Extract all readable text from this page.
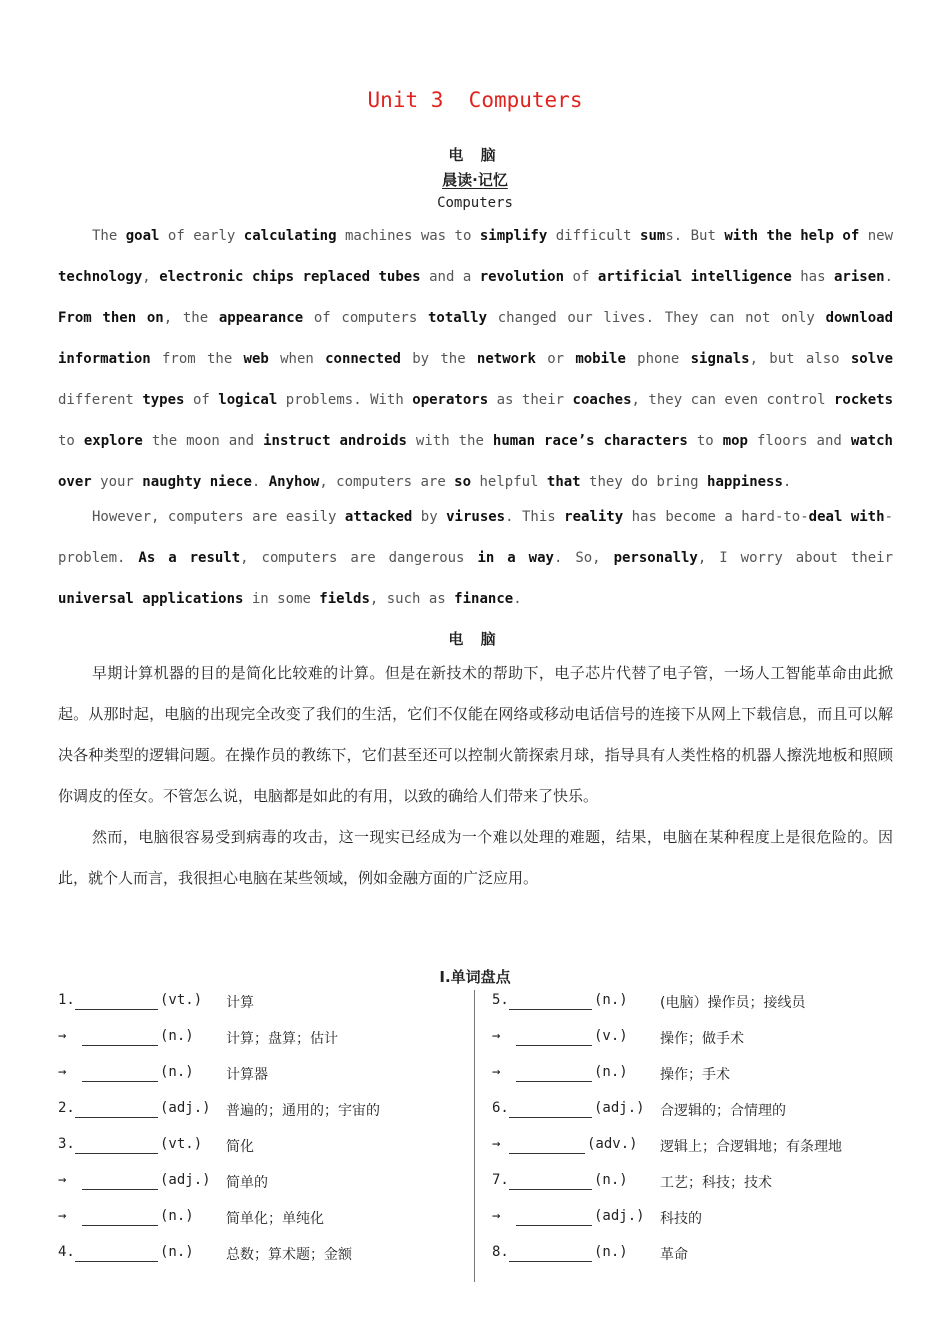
Unit 3  Computers
电 脑
晨读·记忆
Computers

The goal of early calculating machines was to simplify difficult sums. But with the help of new technology, electronic chips replaced tubes and a revolution of artificial intelligence has arisen. From then on, the appearance of computers totally changed our lives. They can not only download information from the web when connected by the network or mobile phone signals, but also solve different types of logical problems. With operators as their coaches, they can even control rockets to explore the moon and instruct androids with the human race’s characters to mop floors and watch over your naughty niece. Anyhow, computers are so helpful that they do bring happiness.

However, computers are easily attacked by viruses. This reality has become a hard-to-deal with-problem. As a result, computers are dangerous in a way. So, personally, I worry about their universal applications in some fields, such as finance.

电 脑

早期计算机器的目的是简化比较难的计算。但是在新技术的帮助下，电子芯片代替了电子管，一场人工智能革命由此掀起。从那时起，电脑的出现完全改变了我们的生活，它们不仅能在网络或移动电话信号的连接下从网上下载信息，而且可以解决各种类型的逻辑问题。在操作员的教练下，它们甚至还可以控制火箭探索月球，指导具有人类性格的机器人擦洗地板和照顾你调皮的侄女。不管怎么说，电脑都是如此的有用，以致的确给人们带来了快乐。

然而，电脑很容易受到病毒的攻击，这一现实已经成为一个难以处理的难题，结果，电脑在某种程度上是很危险的。因此，就个人而言，我很担心电脑在某些领域，例如金融方面的广泛应用。

I.单词盘点
1.	(vt.) 计算
→	(n.) 计算；盘算；估计
→	(n.) 计算器
2.	(adj.) 普遍的；通用的；宇宙的
3.	(vt.) 简化
→	(adj.) 简单的
→	(n.) 简单化；单纯化
4.	(n.) 总数；算术题；金额
5.	(n.) (电脑）操作员；接线员
→	(v.) 操作；做手术
→	(n.) 操作；手术
6.	(adj.) 合逻辑的；合情理的
→	(adv.) 逻辑上；合逻辑地；有条理地
7.	(n.) 工艺；科技；技术
→	(adj.) 科技的
8.	(n.) 革命
